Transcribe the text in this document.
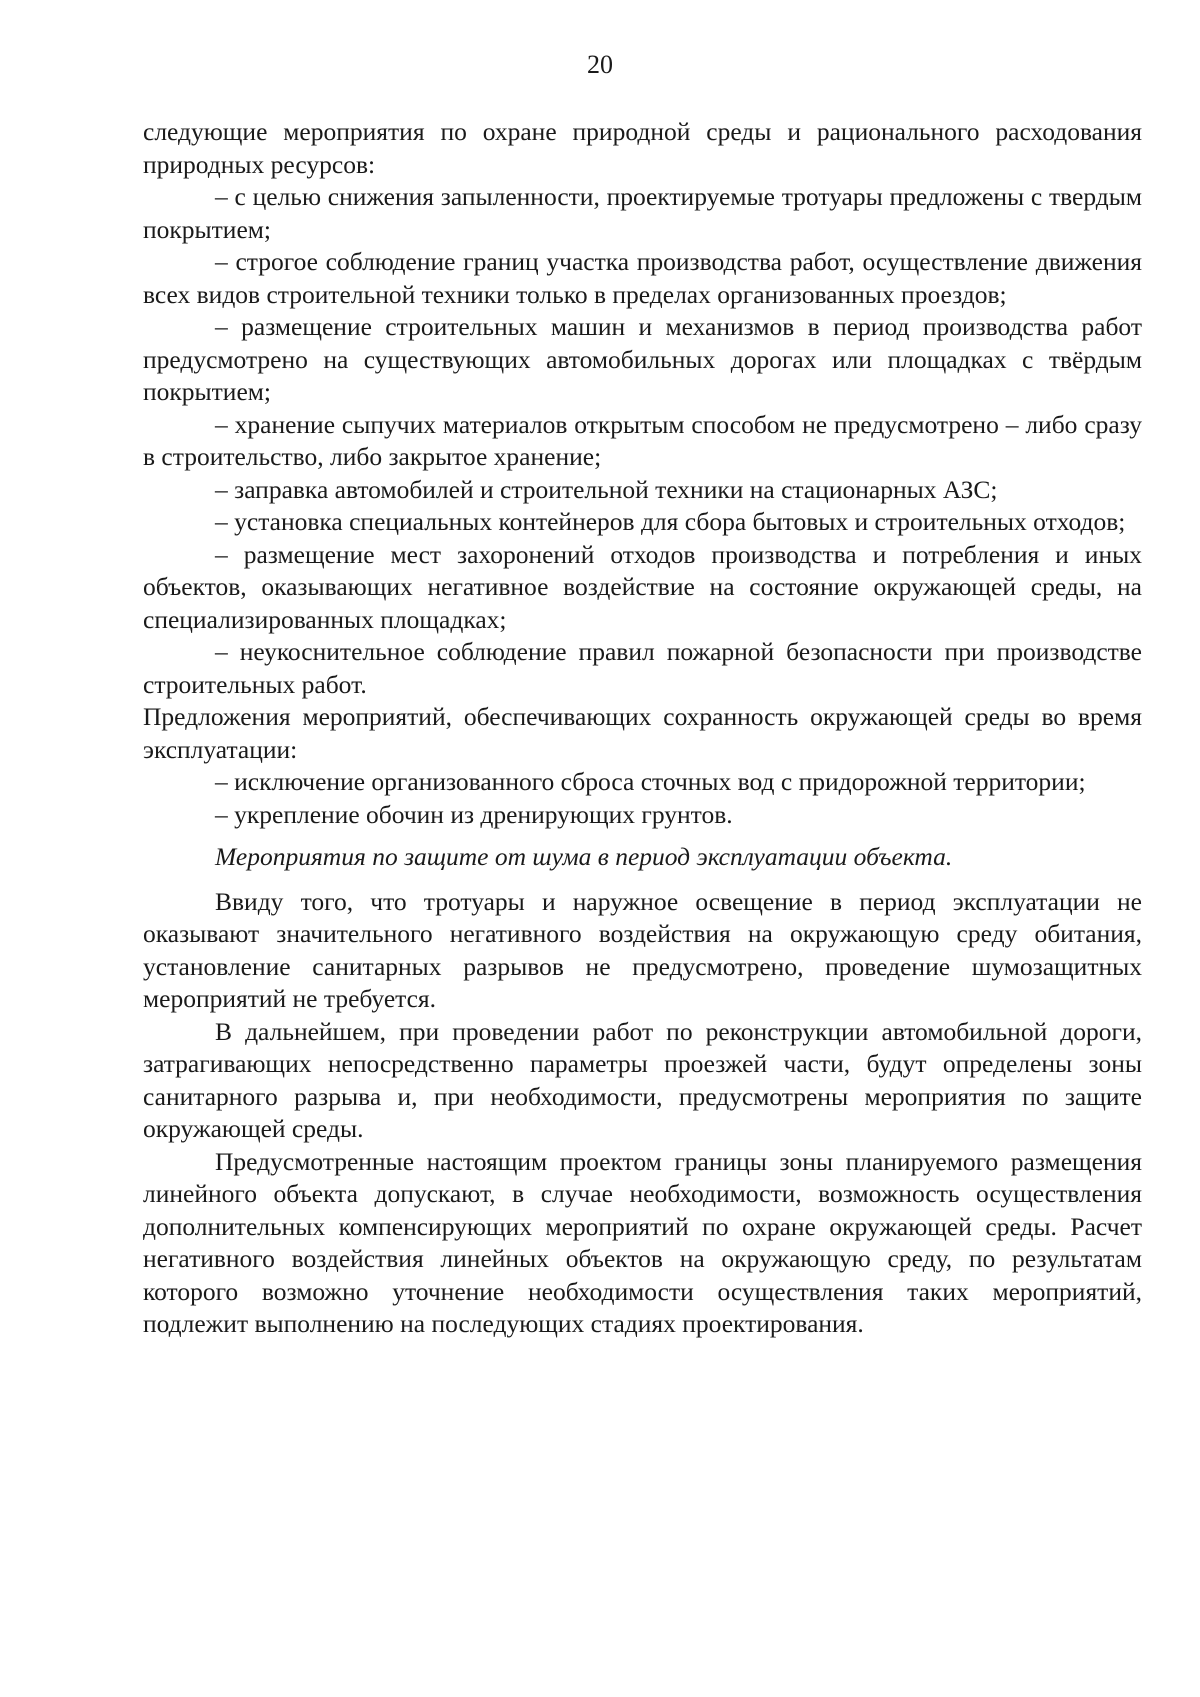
20

следующие мероприятия по охране природной среды и рационального расходования природных ресурсов:

– с целью снижения запыленности, проектируемые тротуары предложены с твердым покрытием;

– строгое соблюдение границ участка производства работ, осуществление движения всех видов строительной техники только в пределах организованных проездов;

– размещение строительных машин и механизмов в период производства работ предусмотрено на существующих автомобильных дорогах или площадках с твёрдым покрытием;

– хранение сыпучих материалов открытым способом не предусмотрено – либо сразу в строительство, либо закрытое хранение;

– заправка автомобилей и строительной техники на стационарных АЗС;

– установка специальных контейнеров для сбора бытовых и строительных отходов;

– размещение мест захоронений отходов производства и потребления и иных объектов, оказывающих негативное воздействие на состояние окружающей среды, на специализированных площадках;

– неукоснительное соблюдение правил пожарной безопасности при производстве строительных работ.

Предложения мероприятий, обеспечивающих сохранность окружающей среды во время эксплуатации:

– исключение организованного сброса сточных вод с придорожной территории;

– укрепление обочин из дренирующих грунтов.

Мероприятия по защите от шума в период эксплуатации объекта.

Ввиду того, что тротуары и наружное освещение в период эксплуатации не оказывают значительного негативного воздействия на окружающую среду обитания, установление санитарных разрывов не предусмотрено, проведение шумозащитных мероприятий не требуется.

В дальнейшем, при проведении работ по реконструкции автомобильной дороги, затрагивающих непосредственно параметры проезжей части, будут определены зоны санитарного разрыва и, при необходимости, предусмотрены мероприятия по защите окружающей среды.

Предусмотренные настоящим проектом границы зоны планируемого размещения линейного объекта допускают, в случае необходимости, возможность осуществления дополнительных компенсирующих мероприятий по охране окружающей среды. Расчет негативного воздействия линейных объектов на окружающую среду, по результатам которого возможно уточнение необходимости осуществления таких мероприятий, подлежит выполнению на последующих стадиях проектирования.
